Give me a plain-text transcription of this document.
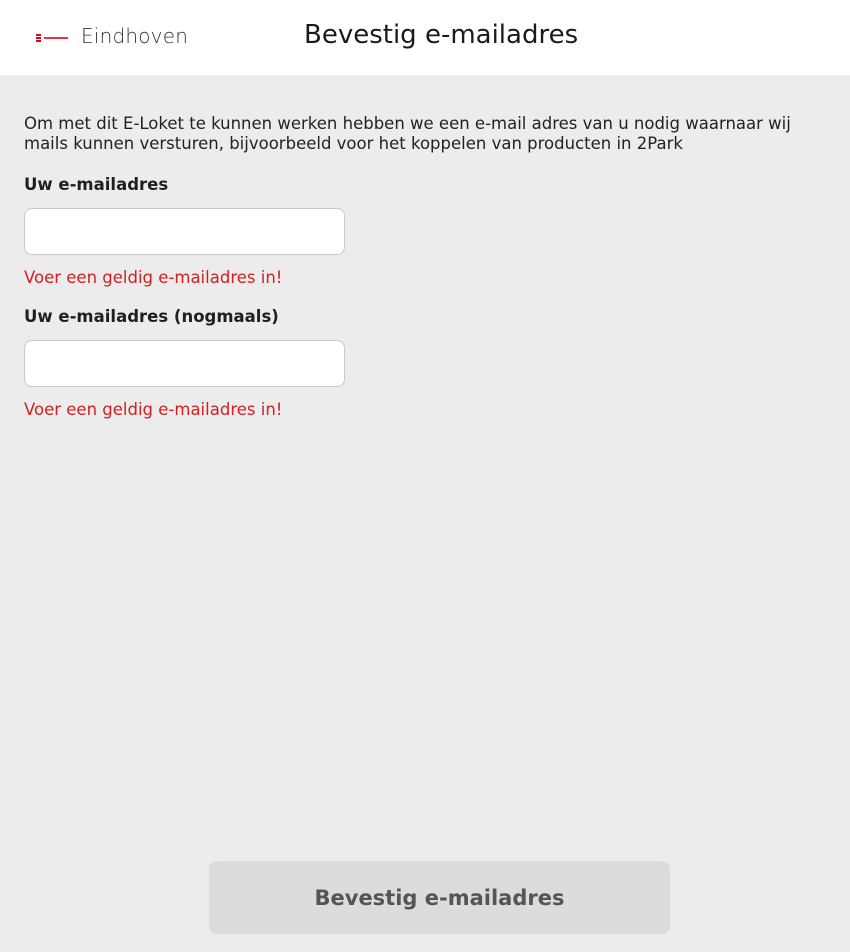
Eindhoven	Bevestig e-mailadres
Om met dit E-Loket te kunnen werken hebben we een e-mail adres van u nodig waarnaar wij mails kunnen versturen, bijvoorbeeld voor het koppelen van producten in 2Park
Uw e-mailadres
Voer een geldig e-mailadres in!
Uw e-mailadres (nogmaals)
Voer een geldig e-mailadres in!
Bevestig e-mailadres
